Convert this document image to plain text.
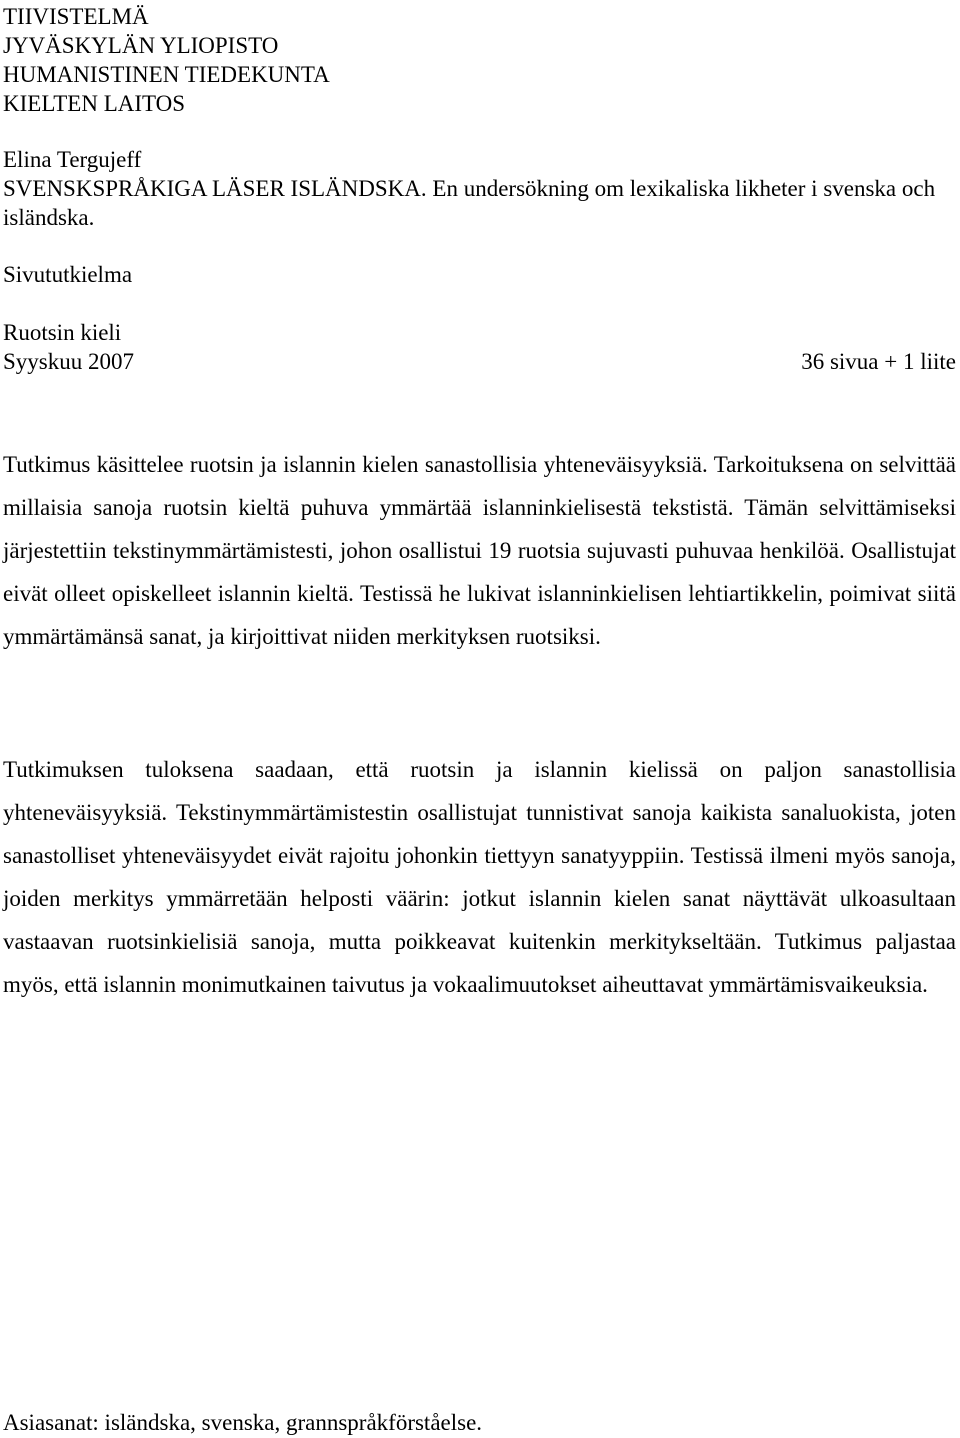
TIIVISTELMÄ
JYVÄSKYLÄN YLIOPISTO
HUMANISTINEN TIEDEKUNTA
KIELTEN LAITOS
Elina Tergujeff
SVENSKSPRÅKIGA LÄSER ISLÄNDSKA. En undersökning om lexikaliska likheter i svenska och isländska.
Sivututkielma
Ruotsin kieli
Syyskuu 2007	36 sivua + 1 liite

Tutkimus käsittelee ruotsin ja islannin kielen sanastollisia yhteneväisyyksiä. Tarkoituksena on selvittää millaisia sanoja ruotsin kieltä puhuva ymmärtää islanninkielisestä tekstistä. Tämän selvittämiseksi järjestettiin tekstinymmärtämistesti, johon osallistui 19 ruotsia sujuvasti puhuvaa henkilöä. Osallistujat eivät olleet opiskelleet islannin kieltä. Testissä he lukivat islanninkielisen lehtiartikkelin, poimivat siitä ymmärtämänsä sanat, ja kirjoittivat niiden merkityksen ruotsiksi.

Tutkimuksen tuloksena saadaan, että ruotsin ja islannin kielissä on paljon sanastollisia yhteneväisyyksiä. Tekstinymmärtämistestin osallistujat tunnistivat sanoja kaikista sanaluokista, joten sanastolliset yhteneväisyydet eivät rajoitu johonkin tiettyyn sanatyyppiin. Testissä ilmeni myös sanoja, joiden merkitys ymmärretään helposti väärin: jotkut islannin kielen sanat näyttävät ulkoasultaan vastaavan ruotsinkielisiä sanoja, mutta poikkeavat kuitenkin merkitykseltään. Tutkimus paljastaa myös, että islannin monimutkainen taivutus ja vokaalimuutokset aiheuttavat ymmärtämisvaikeuksia.

Asiasanat: isländska, svenska, grannspråkförståelse.
